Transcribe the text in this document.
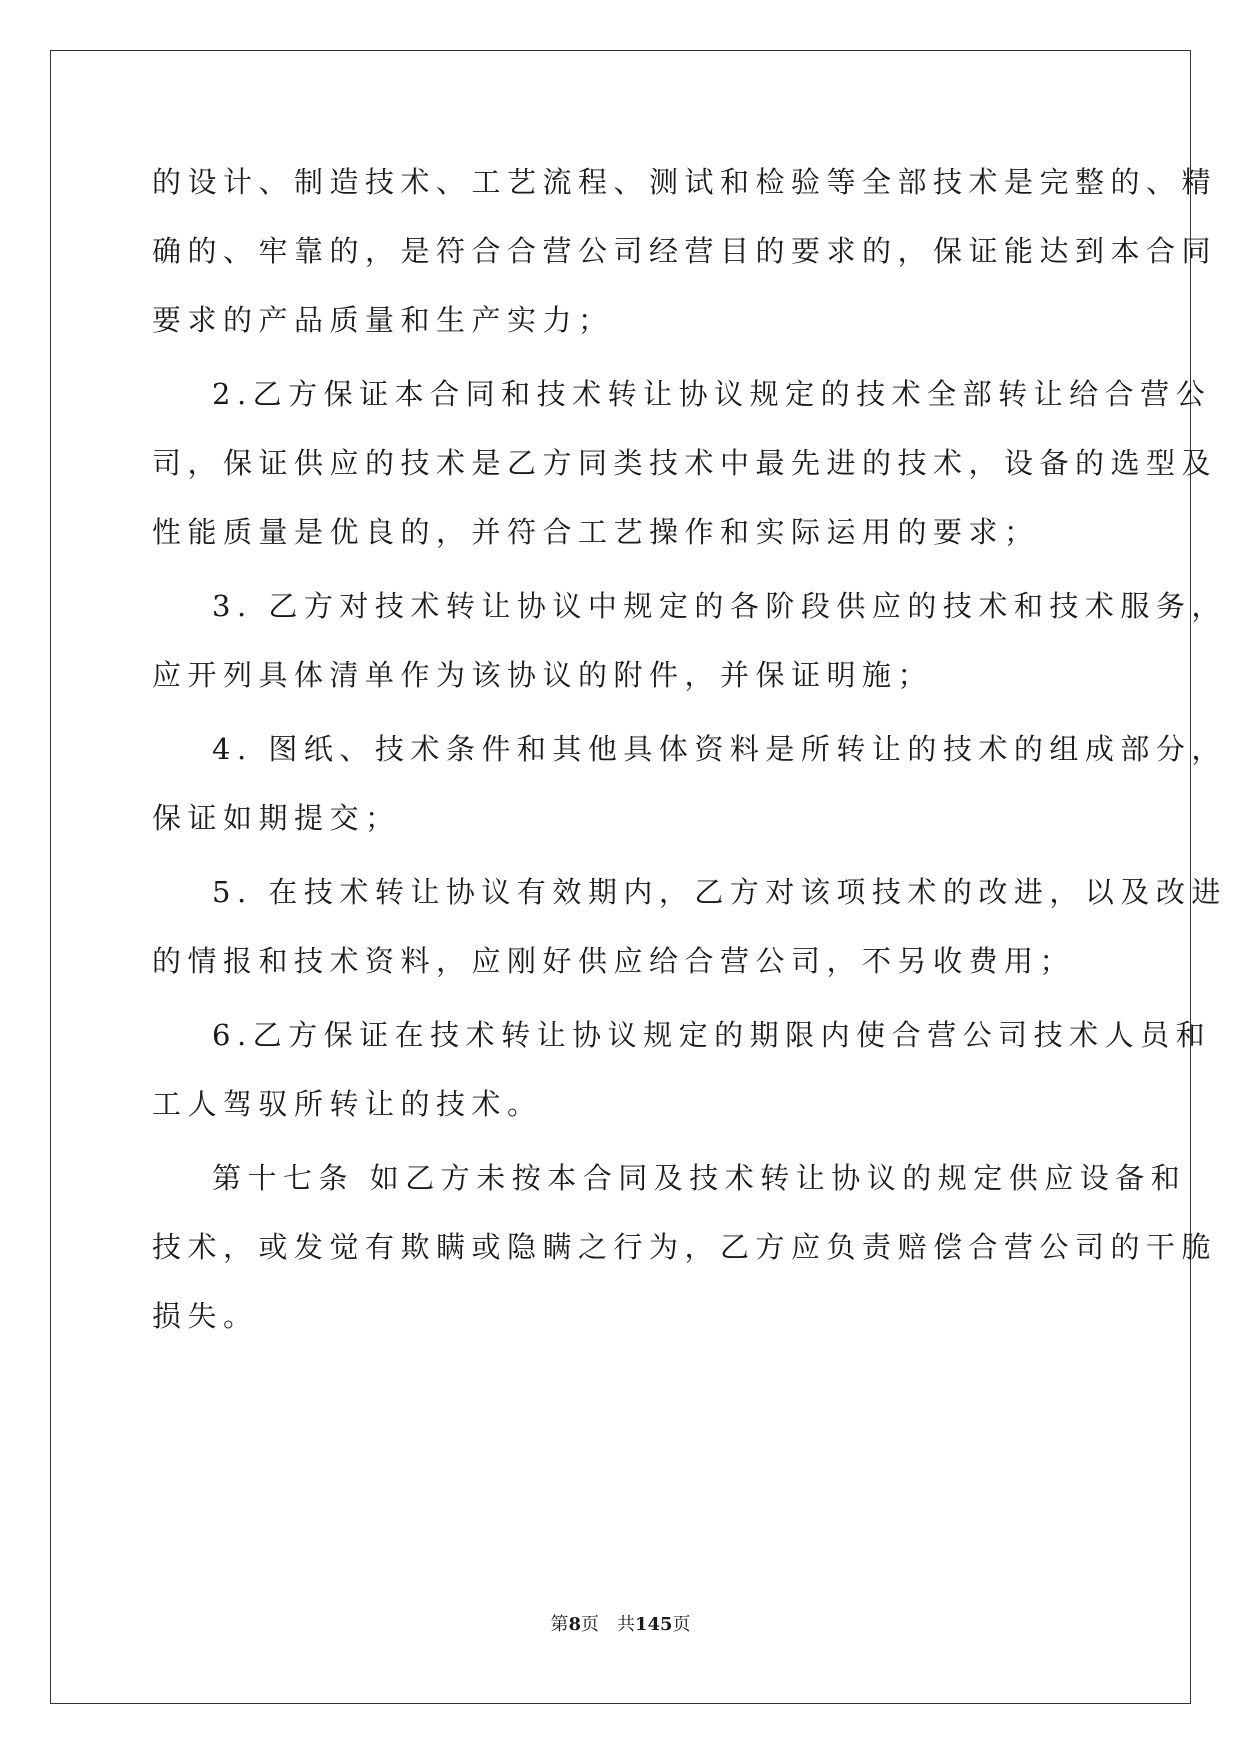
的设计、制造技术、工艺流程、测试和检验等全部技术是完整的、精
确的、牢靠的，是符合合营公司经营目的要求的，保证能达到本合同
要求的产品质量和生产实力；
2.乙方保证本合同和技术转让协议规定的技术全部转让给合营公
司，保证供应的技术是乙方同类技术中最先进的技术，设备的选型及
性能质量是优良的，并符合工艺操作和实际运用的要求；
3. 乙方对技术转让协议中规定的各阶段供应的技术和技术服务，
应开列具体清单作为该协议的附件，并保证明施；
4. 图纸、技术条件和其他具体资料是所转让的技术的组成部分，
保证如期提交；
5. 在技术转让协议有效期内，乙方对该项技术的改进，以及改进
的情报和技术资料，应刚好供应给合营公司，不另收费用；
6.乙方保证在技术转让协议规定的期限内使合营公司技术人员和
工人驾驭所转让的技术。
第十七条 如乙方未按本合同及技术转让协议的规定供应设备和
技术，或发觉有欺瞒或隐瞒之行为，乙方应负责赔偿合营公司的干脆
损失。
第8页　共145页
